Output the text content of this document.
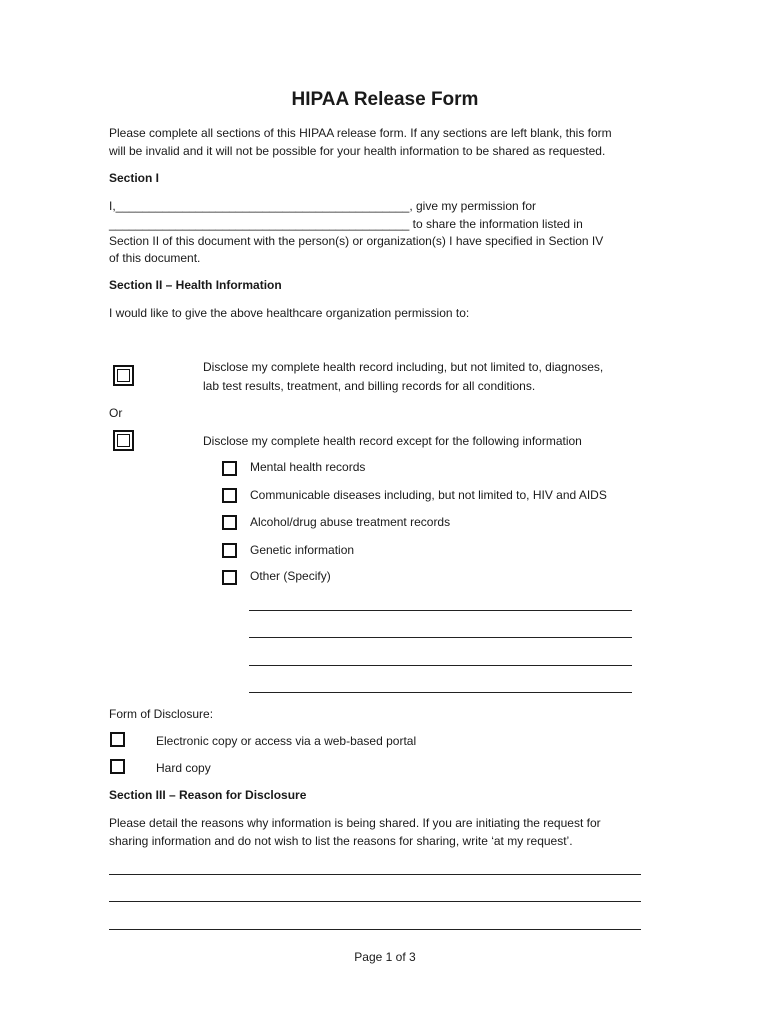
HIPAA Release Form
Please complete all sections of this HIPAA release form. If any sections are left blank, this form
will be invalid and it will not be possible for your health information to be shared as requested.
Section I
I,____________________________________________, give my permission for
_____________________________________________ to share the information listed in
Section II of this document with the person(s) or organization(s) I have specified in Section IV
of this document.
Section II – Health Information
I would like to give the above healthcare organization permission to:
Disclose my complete health record including, but not limited to, diagnoses,
lab test results, treatment, and billing records for all conditions.
Or
Disclose my complete health record except for the following information
Mental health records
Communicable diseases including, but not limited to, HIV and AIDS
Alcohol/drug abuse treatment records
Genetic information
Other (Specify)
Form of Disclosure:
Electronic copy or access via a web-based portal
Hard copy
Section III – Reason for Disclosure
Please detail the reasons why information is being shared. If you are initiating the request for
sharing information and do not wish to list the reasons for sharing, write ‘at my request’.
Page 1 of 3
